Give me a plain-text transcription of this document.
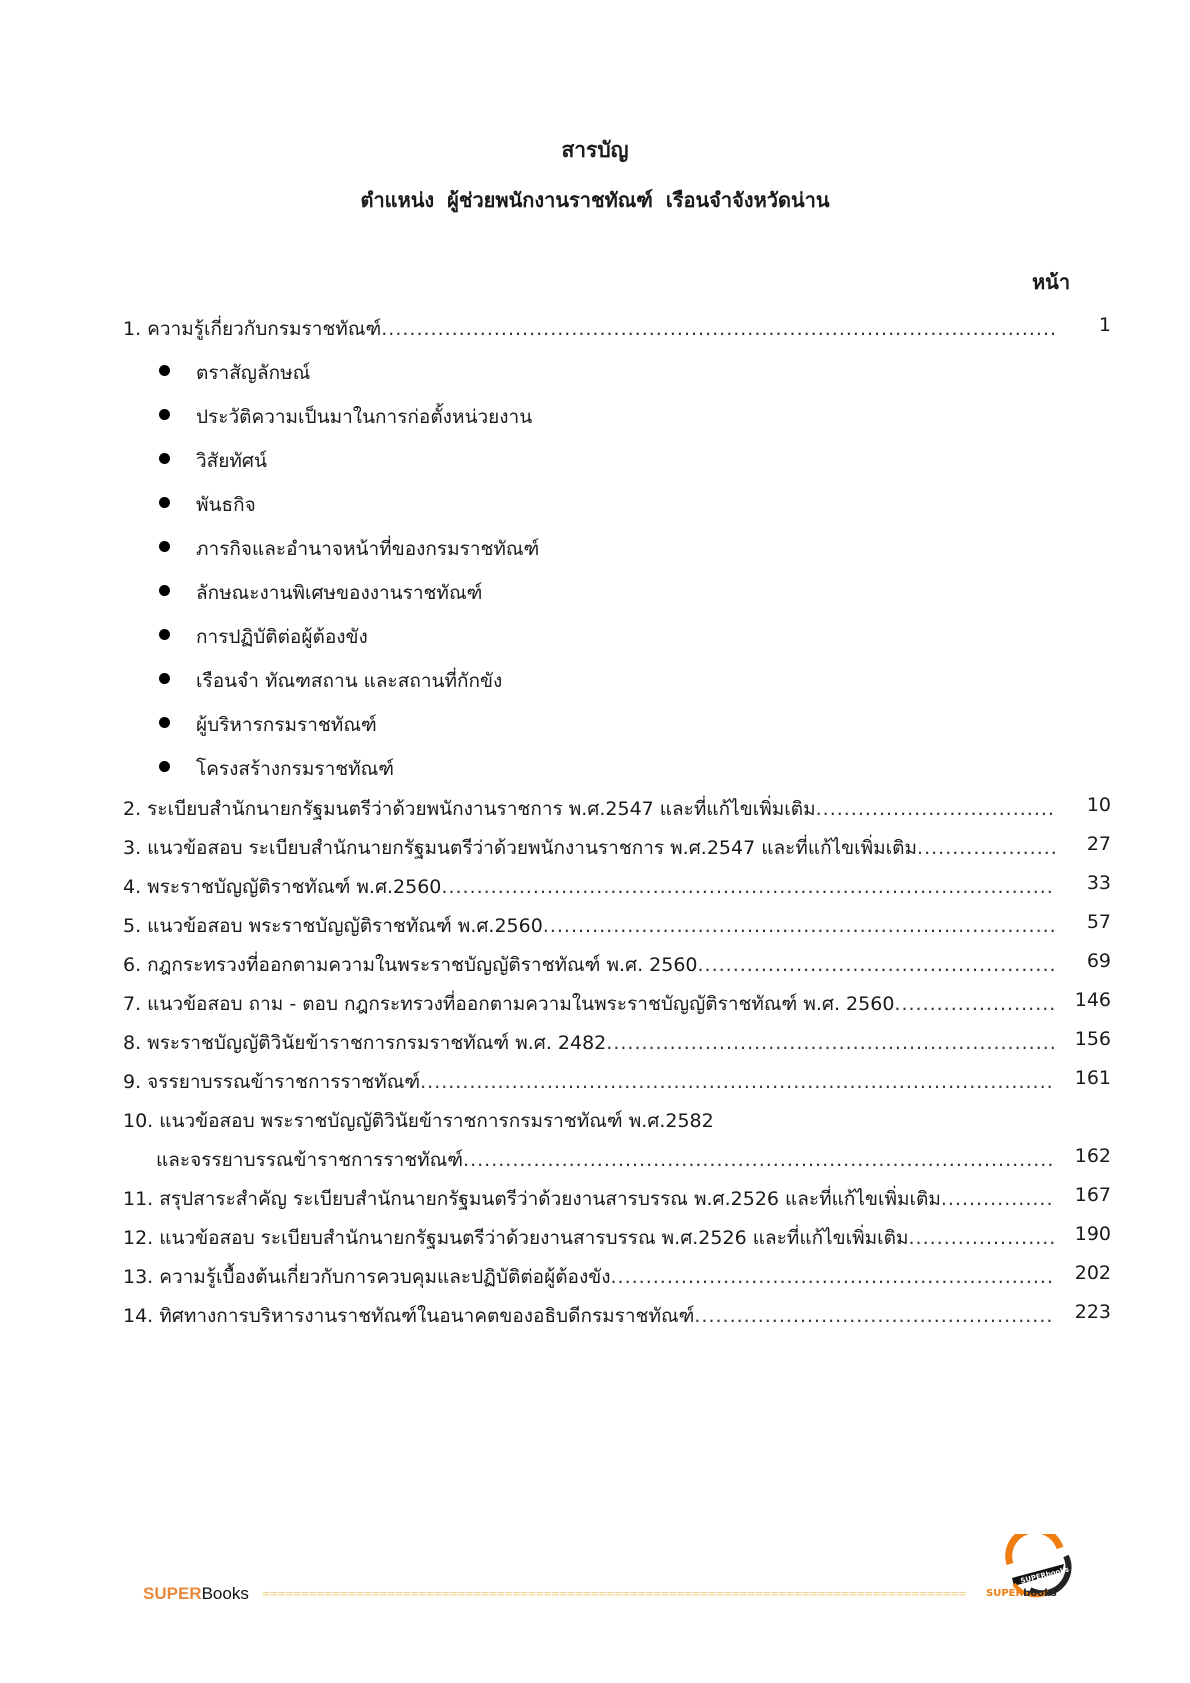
สารบัญ
ตำแหน่ง ผู้ช่วยพนักงานราชทัณฑ์ เรือนจำจังหวัดน่าน
หน้า
1. ความรู้เกี่ยวกับกรมราชทัณฑ์ .....	1
ตราสัญลักษณ์
ประวัติความเป็นมาในการก่อตั้งหน่วยงาน
วิสัยทัศน์
พันธกิจ
ภารกิจและอำนาจหน้าที่ของกรมราชทัณฑ์
ลักษณะงานพิเศษของงานราชทัณฑ์
การปฏิบัติต่อผู้ต้องขัง
เรือนจำ ทัณฑสถาน และสถานที่กักขัง
ผู้บริหารกรมราชทัณฑ์
โครงสร้างกรมราชทัณฑ์
2. ระเบียบสำนักนายกรัฐมนตรีว่าด้วยพนักงานราชการ พ.ศ.2547 และที่แก้ไขเพิ่มเติม .....	10
3. แนวข้อสอบ ระเบียบสำนักนายกรัฐมนตรีว่าด้วยพนักงานราชการ พ.ศ.2547 และที่แก้ไขเพิ่มเติม .....	27
4. พระราชบัญญัติราชทัณฑ์ พ.ศ.2560 .....	33
5. แนวข้อสอบ พระราชบัญญัติราชทัณฑ์ พ.ศ.2560 .....	57
6. กฎกระทรวงที่ออกตามความในพระราชบัญญัติราชทัณฑ์ พ.ศ. 2560 .....	69
7. แนวข้อสอบ ถาม - ตอบ กฎกระทรวงที่ออกตามความในพระราชบัญญัติราชทัณฑ์ พ.ศ. 2560 .....	146
8. พระราชบัญญัติวินัยข้าราชการกรมราชทัณฑ์ พ.ศ. 2482 .....	156
9. จรรยาบรรณข้าราชการราชทัณฑ์ .....	161
10. แนวข้อสอบ พระราชบัญญัติวินัยข้าราชการกรมราชทัณฑ์ พ.ศ.2582
และจรรยาบรรณข้าราชการราชทัณฑ์ .....	162
11. สรุปสาระสำคัญ ระเบียบสำนักนายกรัฐมนตรีว่าด้วยงานสารบรรณ พ.ศ.2526 และที่แก้ไขเพิ่มเติม .....	167
12. แนวข้อสอบ ระเบียบสำนักนายกรัฐมนตรีว่าด้วยงานสารบรรณ พ.ศ.2526 และที่แก้ไขเพิ่มเติม .....	190
13. ความรู้เบื้องต้นเกี่ยวกับการควบคุมและปฏิบัติต่อผู้ต้องขัง .....	202
14. ทิศทางการบริหารงานราชทัณฑ์ในอนาคตของอธิบดีกรมราชทัณฑ์ .....	223
SUPERBooks ==========================================================================================
SUPERbooks
SUPERbooks
